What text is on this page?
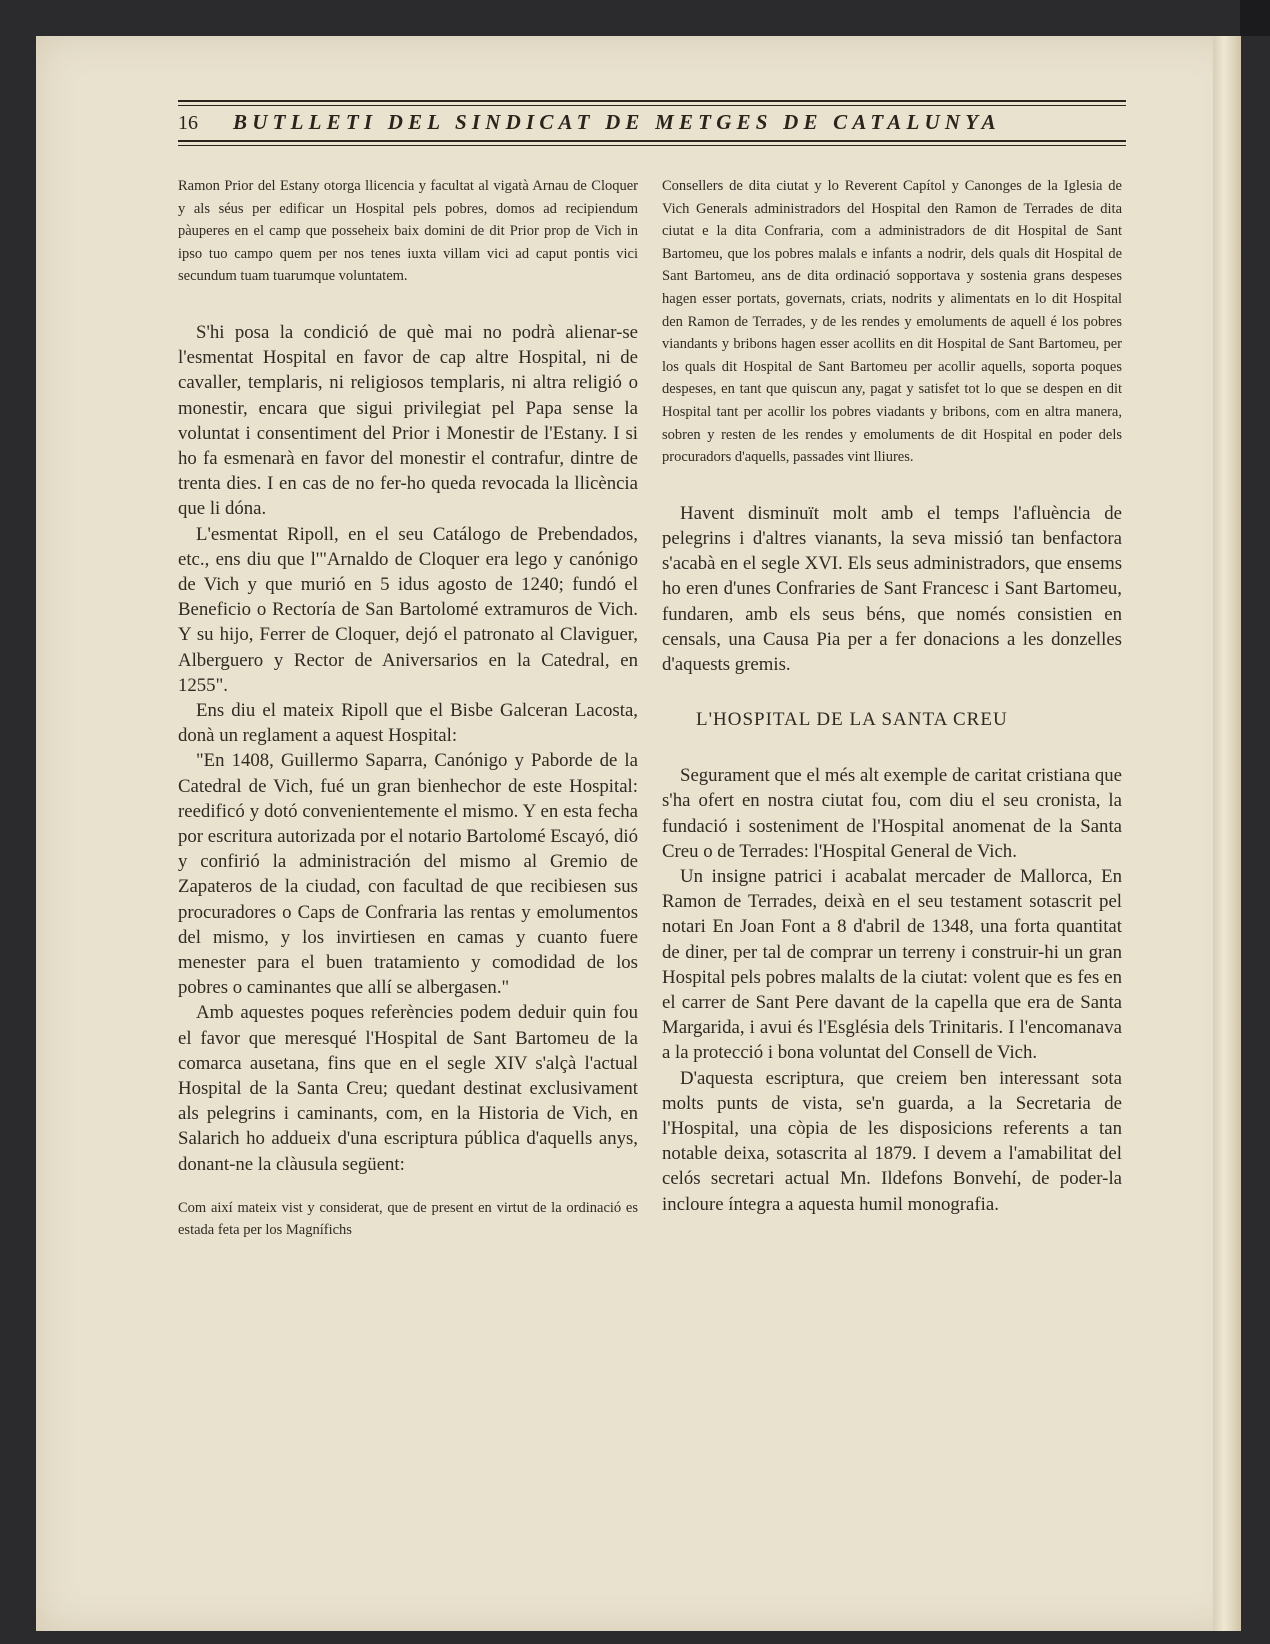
16 BUTLLETI DEL SINDICAT DE METGES DE CATALUNYA

Ramon Prior del Estany otorga llicencia y facultat al vigatà Arnau de Cloquer y als séus per edificar un Hospital pels pobres, domos ad recipiendum pàuperes en el camp que posseheix baix domini de dit Prior prop de Vich in ipso tuo campo quem per nos tenes iuxta villam vici ad caput pontis vici secundum tuam tuarumque voluntatem.

S'hi posa la condició de què mai no podrà alienar-se l'esmentat Hospital en favor de cap altre Hospital, ni de cavaller, templaris, ni religiosos templaris, ni altra religió o monestir, encara que sigui privilegiat pel Papa sense la voluntat i consentiment del Prior i Monestir de l'Estany. I si ho fa esmenarà en favor del monestir el contrafur, dintre de trenta dies. I en cas de no fer-ho queda revocada la llicència que li dóna.

L'esmentat Ripoll, en el seu Catálogo de Prebendados, etc., ens diu que l'"Arnaldo de Cloquer era lego y canónigo de Vich y que murió en 5 idus agosto de 1240; fundó el Beneficio o Rectoría de San Bartolomé extramuros de Vich. Y su hijo, Ferrer de Cloquer, dejó el patronato al Claviguer, Alberguero y Rector de Aniversarios en la Catedral, en 1255".

Ens diu el mateix Ripoll que el Bisbe Galceran Lacosta, donà un reglament a aquest Hospital:

"En 1408, Guillermo Saparra, Canónigo y Paborde de la Catedral de Vich, fué un gran bienhechor de este Hospital: reedificó y dotó convenientemente el mismo. Y en esta fecha por escritura autorizada por el notario Bartolomé Escayó, dió y confirió la administración del mismo al Gremio de Zapateros de la ciudad, con facultad de que recibiesen sus procuradores o Caps de Confraria las rentas y emolumentos del mismo, y los invirtiesen en camas y cuanto fuere menester para el buen tratamiento y comodidad de los pobres o caminantes que allí se albergasen."

Amb aquestes poques referències podem deduir quin fou el favor que meresqué l'Hospital de Sant Bartomeu de la comarca ausetana, fins que en el segle XIV s'alçà l'actual Hospital de la Santa Creu; quedant destinat exclusivament als pelegrins i caminants, com, en la Historia de Vich, en Salarich ho addueix d'una escriptura pública d'aquells anys, donant-ne la clàusula següent:

Com així mateix vist y considerat, que de present en virtut de la ordinació es estada feta per los Magnífichs

Consellers de dita ciutat y lo Reverent Capítol y Canonges de la Iglesia de Vich Generals administradors del Hospital den Ramon de Terrades de dita ciutat e la dita Confraria, com a administradors de dit Hospital de Sant Bartomeu, que los pobres malals e infants a nodrir, dels quals dit Hospital de Sant Bartomeu, ans de dita ordinació sopportava y sostenia grans despeses hagen esser portats, governats, criats, nodrits y alimentats en lo dit Hospital den Ramon de Terrades, y de les rendes y emoluments de aquell é los pobres viandants y bribons hagen esser acollits en dit Hospital de Sant Bartomeu, per los quals dit Hospital de Sant Bartomeu per acollir aquells, soporta poques despeses, en tant que quiscun any, pagat y satisfet tot lo que se despen en dit Hospital tant per acollir los pobres viadants y bribons, com en altra manera, sobren y resten de les rendes y emoluments de dit Hospital en poder dels procuradors d'aquells, passades vint lliures.

Havent disminuït molt amb el temps l'afluència de pelegrins i d'altres vianants, la seva missió tan benfactora s'acabà en el segle XVI. Els seus administradors, que ensems ho eren d'unes Confraries de Sant Francesc i Sant Bartomeu, fundaren, amb els seus béns, que només consistien en censals, una Causa Pia per a fer donacions a les donzelles d'aquests gremis.

L'HOSPITAL DE LA SANTA CREU

Segurament que el més alt exemple de caritat cristiana que s'ha ofert en nostra ciutat fou, com diu el seu cronista, la fundació i sosteniment de l'Hospital anomenat de la Santa Creu o de Terrades: l'Hospital General de Vich.

Un insigne patrici i acabalat mercader de Mallorca, En Ramon de Terrades, deixà en el seu testament sotascrit pel notari En Joan Font a 8 d'abril de 1348, una forta quantitat de diner, per tal de comprar un terreny i construir-hi un gran Hospital pels pobres malalts de la ciutat: volent que es fes en el carrer de Sant Pere davant de la capella que era de Santa Margarida, i avui és l'Església dels Trinitaris. I l'encomanava a la protecció i bona voluntat del Consell de Vich.

D'aquesta escriptura, que creiem ben interessant sota molts punts de vista, se'n guarda, a la Secretaria de l'Hospital, una còpia de les disposicions referents a tan notable deixa, sotascrita al 1879. I devem a l'amabilitat del celós secretari actual Mn. Ildefons Bonvehí, de poder-la incloure íntegra a aquesta humil monografia.
